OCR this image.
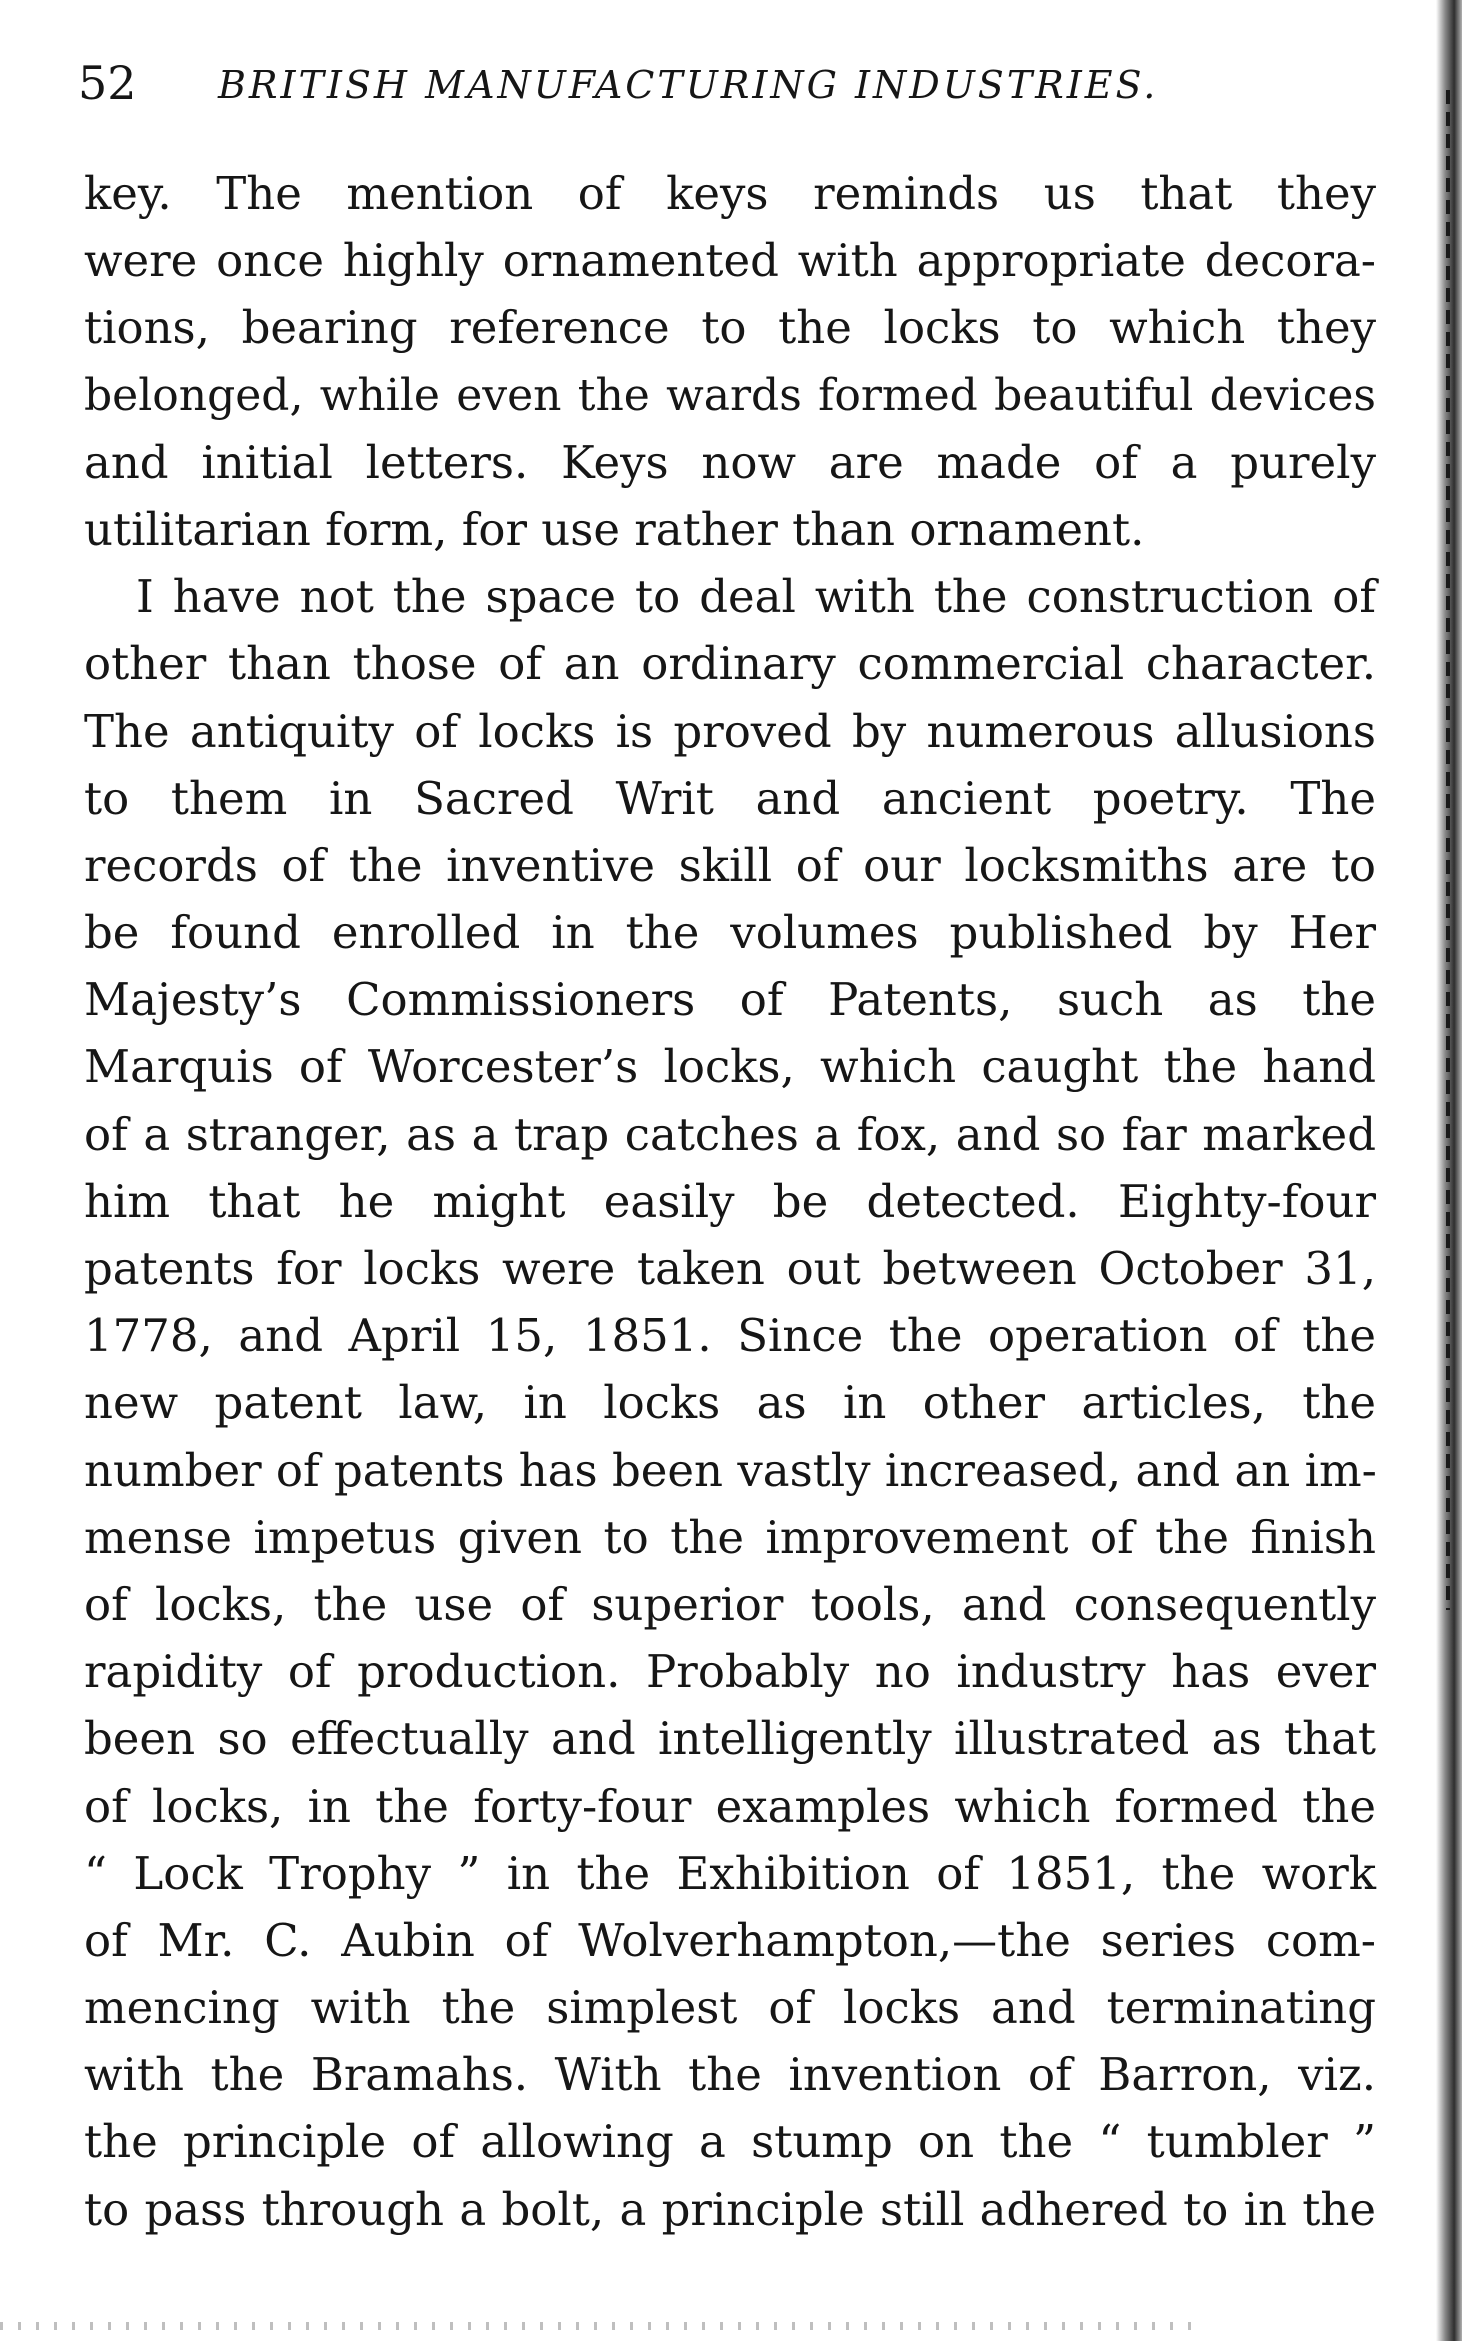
52 BRITISH MANUFACTURING INDUSTRIES.
key. The mention of keys reminds us that they
were once highly ornamented with appropriate decora-
tions, bearing reference to the locks to which they
belonged, while even the wards formed beautiful devices
and initial letters. Keys now are made of a purely
utilitarian form, for use rather than ornament.
I have not the space to deal with the construction of
other than those of an ordinary commercial character.
The antiquity of locks is proved by numerous allusions
to them in Sacred Writ and ancient poetry. The
records of the inventive skill of our locksmiths are to
be found enrolled in the volumes published by Her
Majesty’s Commissioners of Patents, such as the
Marquis of Worcester’s locks, which caught the hand
of a stranger, as a trap catches a fox, and so far marked
him that he might easily be detected. Eighty-four
patents for locks were taken out between October 31,
1778, and April 15, 1851. Since the operation of the
new patent law, in locks as in other articles, the
number of patents has been vastly increased, and an im-
mense impetus given to the improvement of the finish
of locks, the use of superior tools, and consequently
rapidity of production. Probably no industry has ever
been so effectually and intelligently illustrated as that
of locks, in the forty-four examples which formed the
“ Lock Trophy ” in the Exhibition of 1851, the work
of Mr. C. Aubin of Wolverhampton,—the series com-
mencing with the simplest of locks and terminating
with the Bramahs. With the invention of Barron, viz.
the principle of allowing a stump on the “ tumbler ”
to pass through a bolt, a principle still adhered to in the
